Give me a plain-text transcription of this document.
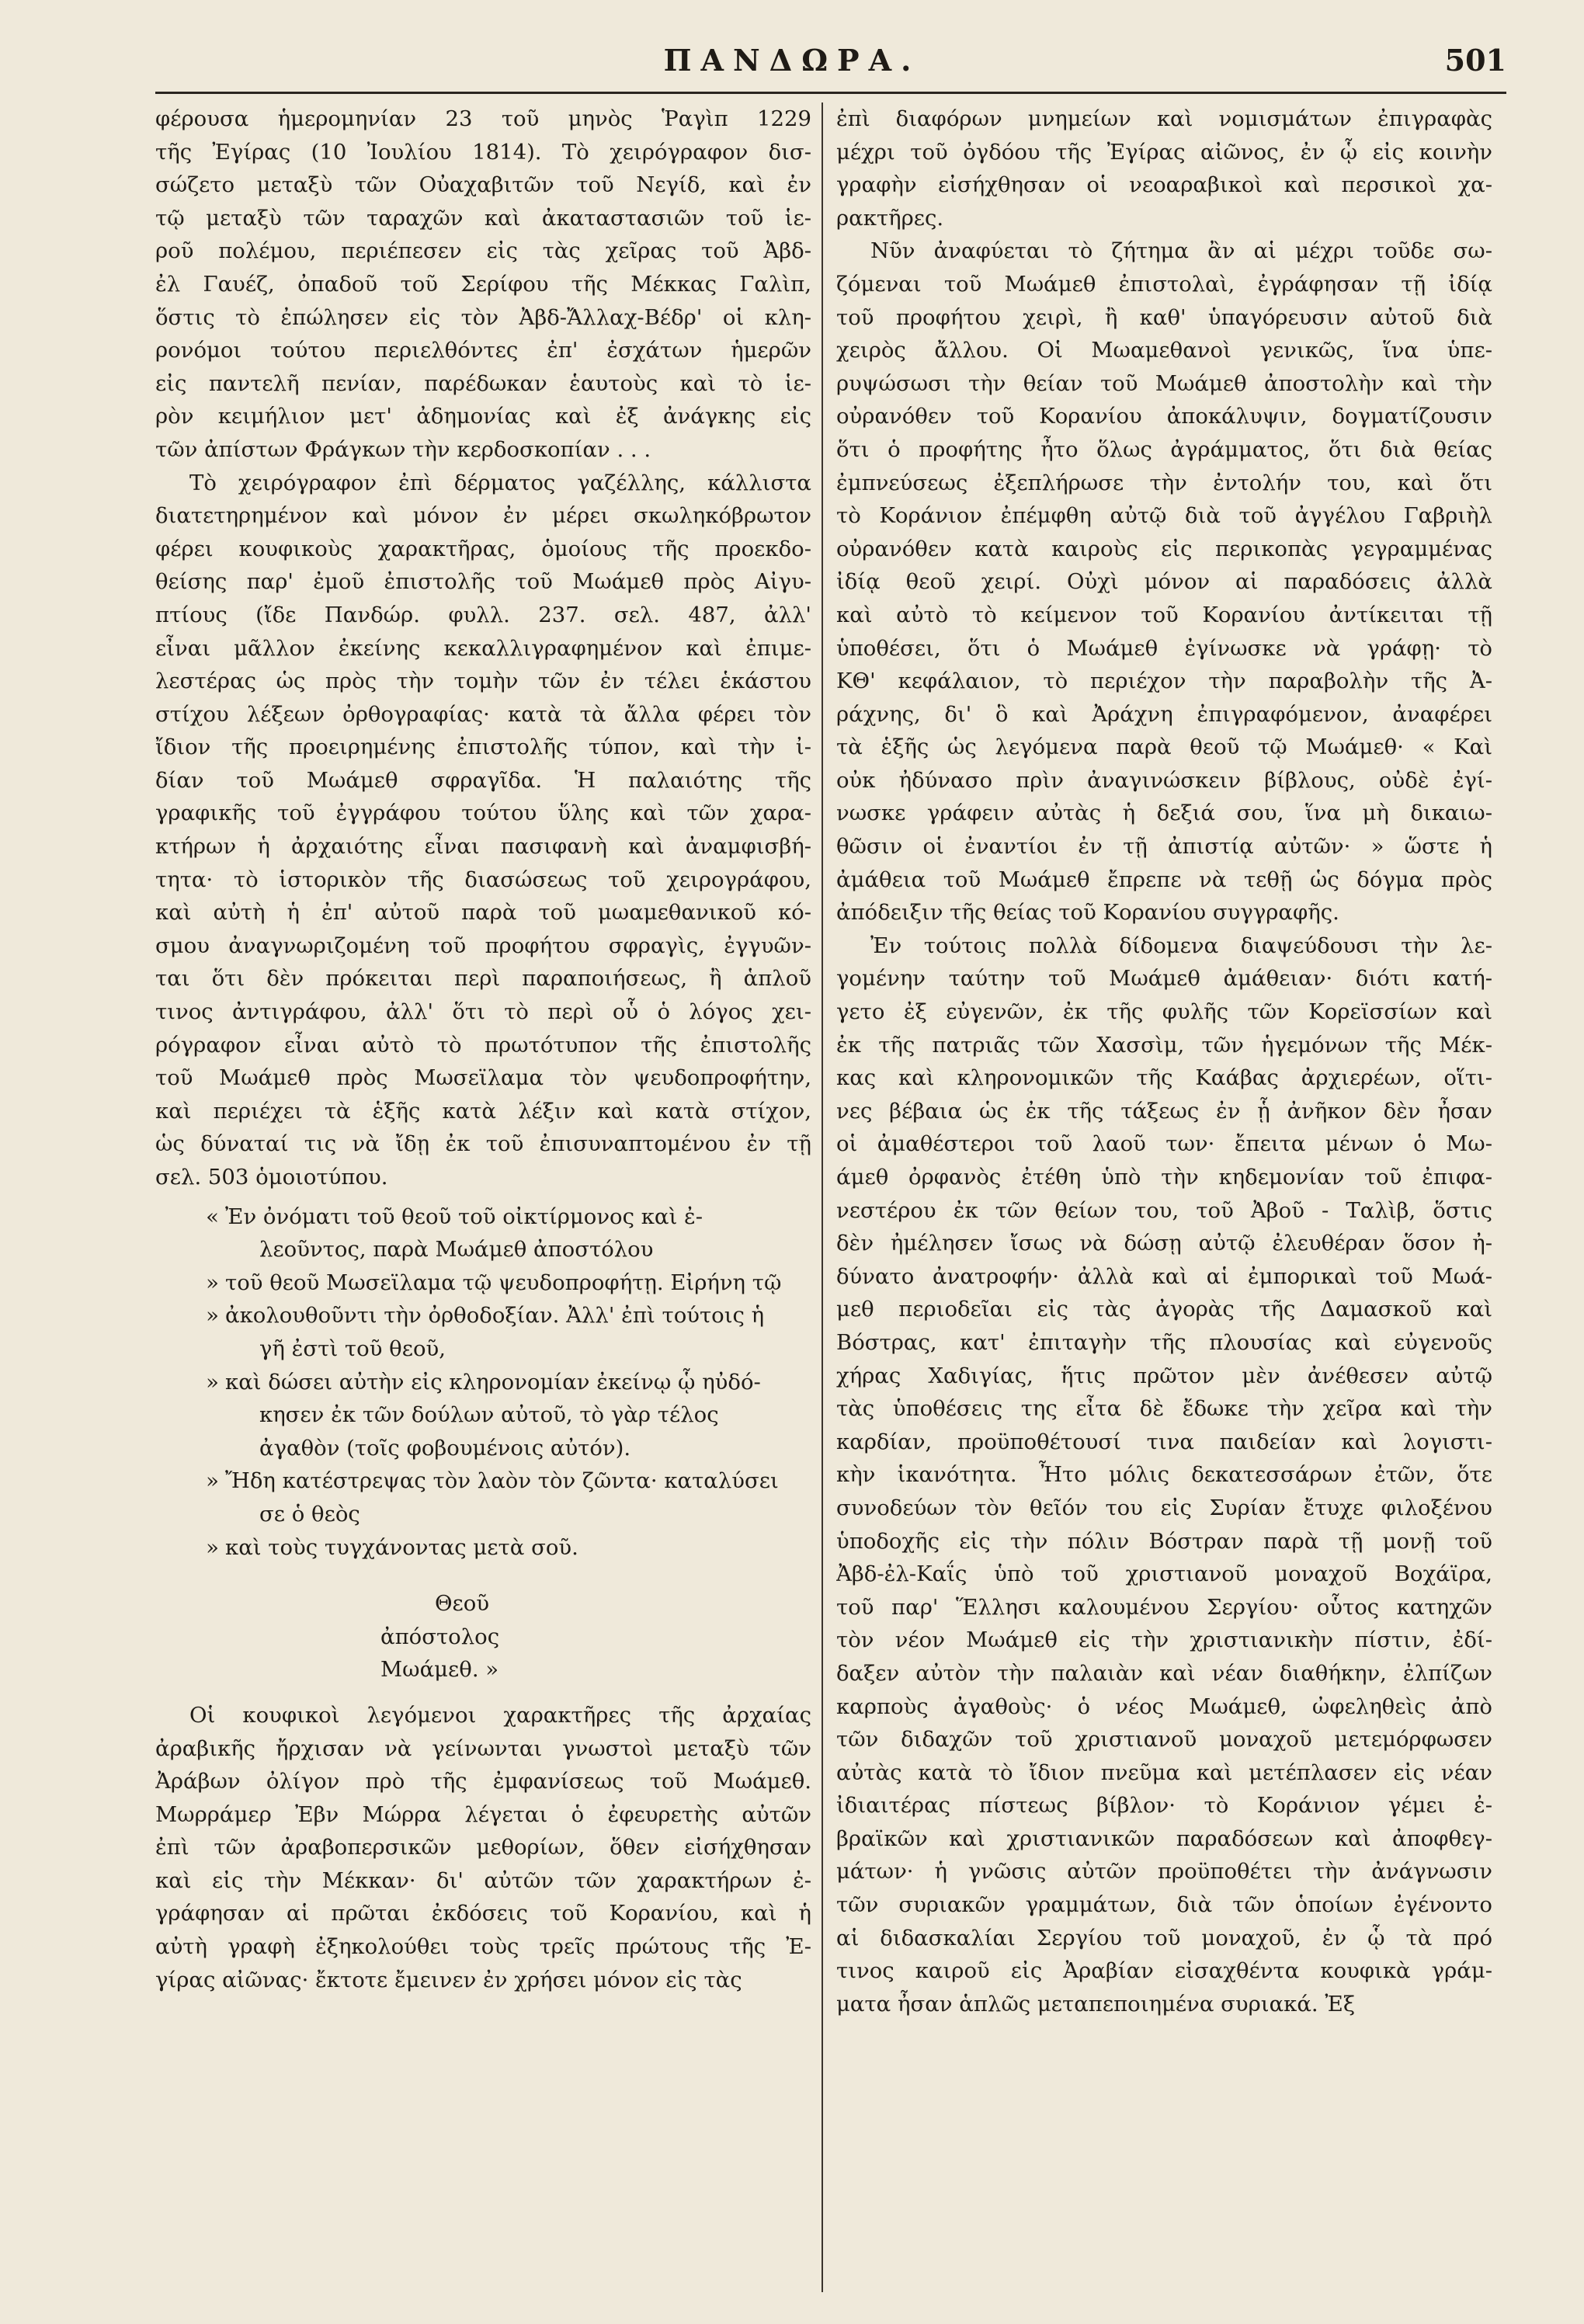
ΠΑΝΔΩΡΑ.	501
φέρουσα ἡμερομηνίαν 23 τοῦ μηνὸς Ῥαγὶπ 1229
τῆς Ἐγίρας (10 Ἰουλίου 1814). Τὸ χειρόγραφον δισ-
σώζετο μεταξὺ τῶν Οὐαχαβιτῶν τοῦ Νεγίδ, καὶ ἐν
τῷ μεταξὺ τῶν ταραχῶν καὶ ἀκαταστασιῶν τοῦ ἱε-
ροῦ πολέμου, περιέπεσεν εἰς τὰς χεῖρας τοῦ Ἀβδ-
ἐλ Γαυέζ, ὀπαδοῦ τοῦ Σερίφου τῆς Μέκκας Γαλὶπ,
ὅστις τὸ ἐπώλησεν εἰς τὸν Ἀβδ-Ἄλλαχ-Βέδρ' οἱ κλη-
ρονόμοι τούτου περιελθόντες ἐπ' ἐσχάτων ἡμερῶν
εἰς παντελῆ πενίαν, παρέδωκαν ἑαυτοὺς καὶ τὸ ἱε-
ρὸν κειμήλιον μετ' ἀδημονίας καὶ ἐξ ἀνάγκης εἰς
τῶν ἀπίστων Φράγκων τὴν κερδοσκοπίαν . . .
Τὸ χειρόγραφον ἐπὶ δέρματος γαζέλλης, κάλλιστα
διατετηρημένον καὶ μόνον ἐν μέρει σκωληκόβρωτον
φέρει κουφικοὺς χαρακτῆρας, ὁμοίους τῆς προεκδο-
θείσης παρ' ἐμοῦ ἐπιστολῆς τοῦ Μωάμεθ πρὸς Αἰγυ-
πτίους (ἴδε Πανδώρ. φυλλ. 237. σελ. 487, ἀλλ'
εἶναι μᾶλλον ἐκείνης κεκαλλιγραφημένον καὶ ἐπιμε-
λεστέρας ὡς πρὸς τὴν τομὴν τῶν ἐν τέλει ἑκάστου
στίχου λέξεων ὀρθογραφίας· κατὰ τὰ ἄλλα φέρει τὸν
ἴδιον τῆς προειρημένης ἐπιστολῆς τύπον, καὶ τὴν ἰ-
δίαν τοῦ Μωάμεθ σφραγῖδα. Ἡ παλαιότης τῆς
γραφικῆς τοῦ ἐγγράφου τούτου ὕλης καὶ τῶν χαρα-
κτήρων ἡ ἀρχαιότης εἶναι πασιφανὴ καὶ ἀναμφισβή-
τητα· τὸ ἱστορικὸν τῆς διασώσεως τοῦ χειρογράφου,
καὶ αὐτὴ ἡ ἐπ' αὐτοῦ παρὰ τοῦ μωαμεθανικοῦ κό-
σμου ἀναγνωριζομένη τοῦ προφήτου σφραγὶς, ἐγγυῶν-
ται ὅτι δὲν πρόκειται περὶ παραποιήσεως, ἢ ἁπλοῦ
τινος ἀντιγράφου, ἀλλ' ὅτι τὸ περὶ οὗ ὁ λόγος χει-
ρόγραφον εἶναι αὐτὸ τὸ πρωτότυπον τῆς ἐπιστολῆς
τοῦ Μωάμεθ πρὸς Μωσεϊλαμα τὸν ψευδοπροφήτην,
καὶ περιέχει τὰ ἑξῆς κατὰ λέξιν καὶ κατὰ στίχον,
ὡς δύναταί τις νὰ ἴδῃ ἐκ τοῦ ἐπισυναπτομένου ἐν τῇ
σελ. 503 ὁμοιοτύπου.
« Ἐν ὀνόματι τοῦ θεοῦ τοῦ οἰκτίρμονος καὶ ἐ-
λεοῦντος, παρὰ Μωάμεθ ἀποστόλου
» τοῦ θεοῦ Μωσεϊλαμα τῷ ψευδοπροφήτῃ. Εἰρήνη τῷ
» ἀκολουθοῦντι τὴν ὀρθοδοξίαν. Ἀλλ' ἐπὶ τούτοις ἡ
γῆ ἐστὶ τοῦ θεοῦ,
» καὶ δώσει αὐτὴν εἰς κληρονομίαν ἐκείνῳ ᾧ ηὐδό-
κησεν ἐκ τῶν δούλων αὐτοῦ, τὸ γὰρ τέλος
ἀγαθὸν (τοῖς φοβουμένοις αὐτόν).
» Ἤδη κατέστρεψας τὸν λαὸν τὸν ζῶντα· καταλύσει
σε ὁ θεὸς
» καὶ τοὺς τυγχάνοντας μετὰ σοῦ.
Θεοῦ
ἀπόστολος
Μωάμεθ. »
Οἱ κουφικοὶ λεγόμενοι χαρακτῆρες τῆς ἀρχαίας
ἀραβικῆς ἤρχισαν νὰ γείνωνται γνωστοὶ μεταξὺ τῶν
Ἀράβων ὀλίγον πρὸ τῆς ἐμφανίσεως τοῦ Μωάμεθ.
Μωρράμερ Ἐβν Μώρρα λέγεται ὁ ἐφευρετὴς αὐτῶν
ἐπὶ τῶν ἀραβοπερσικῶν μεθορίων, ὅθεν εἰσήχθησαν
καὶ εἰς τὴν Μέκκαν· δι' αὐτῶν τῶν χαρακτήρων ἐ-
γράφησαν αἱ πρῶται ἐκδόσεις τοῦ Κορανίου, καὶ ἡ
αὐτὴ γραφὴ ἐξηκολούθει τοὺς τρεῖς πρώτους τῆς Ἐ-
γίρας αἰῶνας· ἔκτοτε ἔμεινεν ἐν χρήσει μόνον εἰς τὰς
ἐπὶ διαφόρων μνημείων καὶ νομισμάτων ἐπιγραφὰς
μέχρι τοῦ ὀγδόου τῆς Ἐγίρας αἰῶνος, ἐν ᾧ εἰς κοινὴν
γραφὴν εἰσήχθησαν οἱ νεοαραβικοὶ καὶ περσικοὶ χα-
ρακτῆρες.
Νῦν ἀναφύεται τὸ ζήτημα ἂν αἱ μέχρι τοῦδε σω-
ζόμεναι τοῦ Μωάμεθ ἐπιστολαὶ, ἐγράφησαν τῇ ἰδίᾳ
τοῦ προφήτου χειρὶ, ἢ καθ' ὑπαγόρευσιν αὐτοῦ διὰ
χειρὸς ἄλλου. Οἱ Μωαμεθανοὶ γενικῶς, ἵνα ὑπε-
ρυψώσωσι τὴν θείαν τοῦ Μωάμεθ ἀποστολὴν καὶ τὴν
οὐρανόθεν τοῦ Κορανίου ἀποκάλυψιν, δογματίζουσιν
ὅτι ὁ προφήτης ἦτο ὅλως ἀγράμματος, ὅτι διὰ θείας
ἐμπνεύσεως ἐξεπλήρωσε τὴν ἐντολήν του, καὶ ὅτι
τὸ Κοράνιον ἐπέμφθη αὐτῷ διὰ τοῦ ἀγγέλου Γαβριὴλ
οὐρανόθεν κατὰ καιροὺς εἰς περικοπὰς γεγραμμένας
ἰδίᾳ θεοῦ χειρί. Οὐχὶ μόνον αἱ παραδόσεις ἀλλὰ
καὶ αὐτὸ τὸ κείμενον τοῦ Κορανίου ἀντίκειται τῇ
ὑποθέσει, ὅτι ὁ Μωάμεθ ἐγίνωσκε νὰ γράφῃ· τὸ
ΚΘ' κεφάλαιον, τὸ περιέχον τὴν παραβολὴν τῆς Ἀ-
ράχνης, δι' ὃ καὶ Ἀράχνη ἐπιγραφόμενον, ἀναφέρει
τὰ ἑξῆς ὡς λεγόμενα παρὰ θεοῦ τῷ Μωάμεθ· « Καὶ
οὐκ ἠδύνασο πρὶν ἀναγινώσκειν βίβλους, οὐδὲ ἐγί-
νωσκε γράφειν αὐτὰς ἡ δεξιά σου, ἵνα μὴ δικαιω-
θῶσιν οἱ ἐναντίοι ἐν τῇ ἀπιστίᾳ αὐτῶν· » ὥστε ἡ
ἀμάθεια τοῦ Μωάμεθ ἔπρεπε νὰ τεθῇ ὡς δόγμα πρὸς
ἀπόδειξιν τῆς θείας τοῦ Κορανίου συγγραφῆς.
Ἐν τούτοις πολλὰ δίδομενα διαψεύδουσι τὴν λε-
γομένην ταύτην τοῦ Μωάμεθ ἀμάθειαν· διότι κατή-
γετο ἐξ εὐγενῶν, ἐκ τῆς φυλῆς τῶν Κορεϊσσίων καὶ
ἐκ τῆς πατριᾶς τῶν Χασσὶμ, τῶν ἡγεμόνων τῆς Μέκ-
κας καὶ κληρονομικῶν τῆς Καάβας ἀρχιερέων, οἵτι-
νες βέβαια ὡς ἐκ τῆς τάξεως ἐν ᾗ ἀνῆκον δὲν ἦσαν
οἱ ἀμαθέστεροι τοῦ λαοῦ των· ἔπειτα μένων ὁ Μω-
άμεθ ὀρφανὸς ἐτέθη ὑπὸ τὴν κηδεμονίαν τοῦ ἐπιφα-
νεστέρου ἐκ τῶν θείων του, τοῦ Ἀβοῦ - Ταλὶβ, ὅστις
δὲν ἠμέλησεν ἴσως νὰ δώσῃ αὐτῷ ἐλευθέραν ὅσον ἠ-
δύνατο ἀνατροφήν· ἀλλὰ καὶ αἱ ἐμπορικαὶ τοῦ Μωά-
μεθ περιοδεῖαι εἰς τὰς ἀγορὰς τῆς Δαμασκοῦ καὶ
Βόστρας, κατ' ἐπιταγὴν τῆς πλουσίας καὶ εὐγενοῦς
χήρας Χαδιγίας, ἥτις πρῶτον μὲν ἀνέθεσεν αὐτῷ
τὰς ὑποθέσεις της εἶτα δὲ ἔδωκε τὴν χεῖρα καὶ τὴν
καρδίαν, προϋποθέτουσί τινα παιδείαν καὶ λογιστι-
κὴν ἱκανότητα. Ἦτο μόλις δεκατεσσάρων ἐτῶν, ὅτε
συνοδεύων τὸν θεῖόν του εἰς Συρίαν ἔτυχε φιλοξένου
ὑποδοχῆς εἰς τὴν πόλιν Βόστραν παρὰ τῇ μονῇ τοῦ
Ἀβδ-ἐλ-Καΐς ὑπὸ τοῦ χριστιανοῦ μοναχοῦ Βοχάϊρα,
τοῦ παρ' Ἕλλησι καλουμένου Σεργίου· οὗτος κατηχῶν
τὸν νέον Μωάμεθ εἰς τὴν χριστιανικὴν πίστιν, ἐδί-
δαξεν αὐτὸν τὴν παλαιὰν καὶ νέαν διαθήκην, ἐλπίζων
καρποὺς ἀγαθοὺς· ὁ νέος Μωάμεθ, ὠφεληθεὶς ἀπὸ
τῶν διδαχῶν τοῦ χριστιανοῦ μοναχοῦ μετεμόρφωσεν
αὐτὰς κατὰ τὸ ἴδιον πνεῦμα καὶ μετέπλασεν εἰς νέαν
ἰδιαιτέρας πίστεως βίβλον· τὸ Κοράνιον γέμει ἐ-
βραϊκῶν καὶ χριστιανικῶν παραδόσεων καὶ ἀποφθεγ-
μάτων· ἡ γνῶσις αὐτῶν προϋποθέτει τὴν ἀνάγνωσιν
τῶν συριακῶν γραμμάτων, διὰ τῶν ὁποίων ἐγένοντο
αἱ διδασκαλίαι Σεργίου τοῦ μοναχοῦ, ἐν ᾧ τὰ πρό
τινος καιροῦ εἰς Ἀραβίαν εἰσαχθέντα κουφικὰ γράμ-
ματα ἦσαν ἁπλῶς μεταπεποιημένα συριακά. Ἐξ
